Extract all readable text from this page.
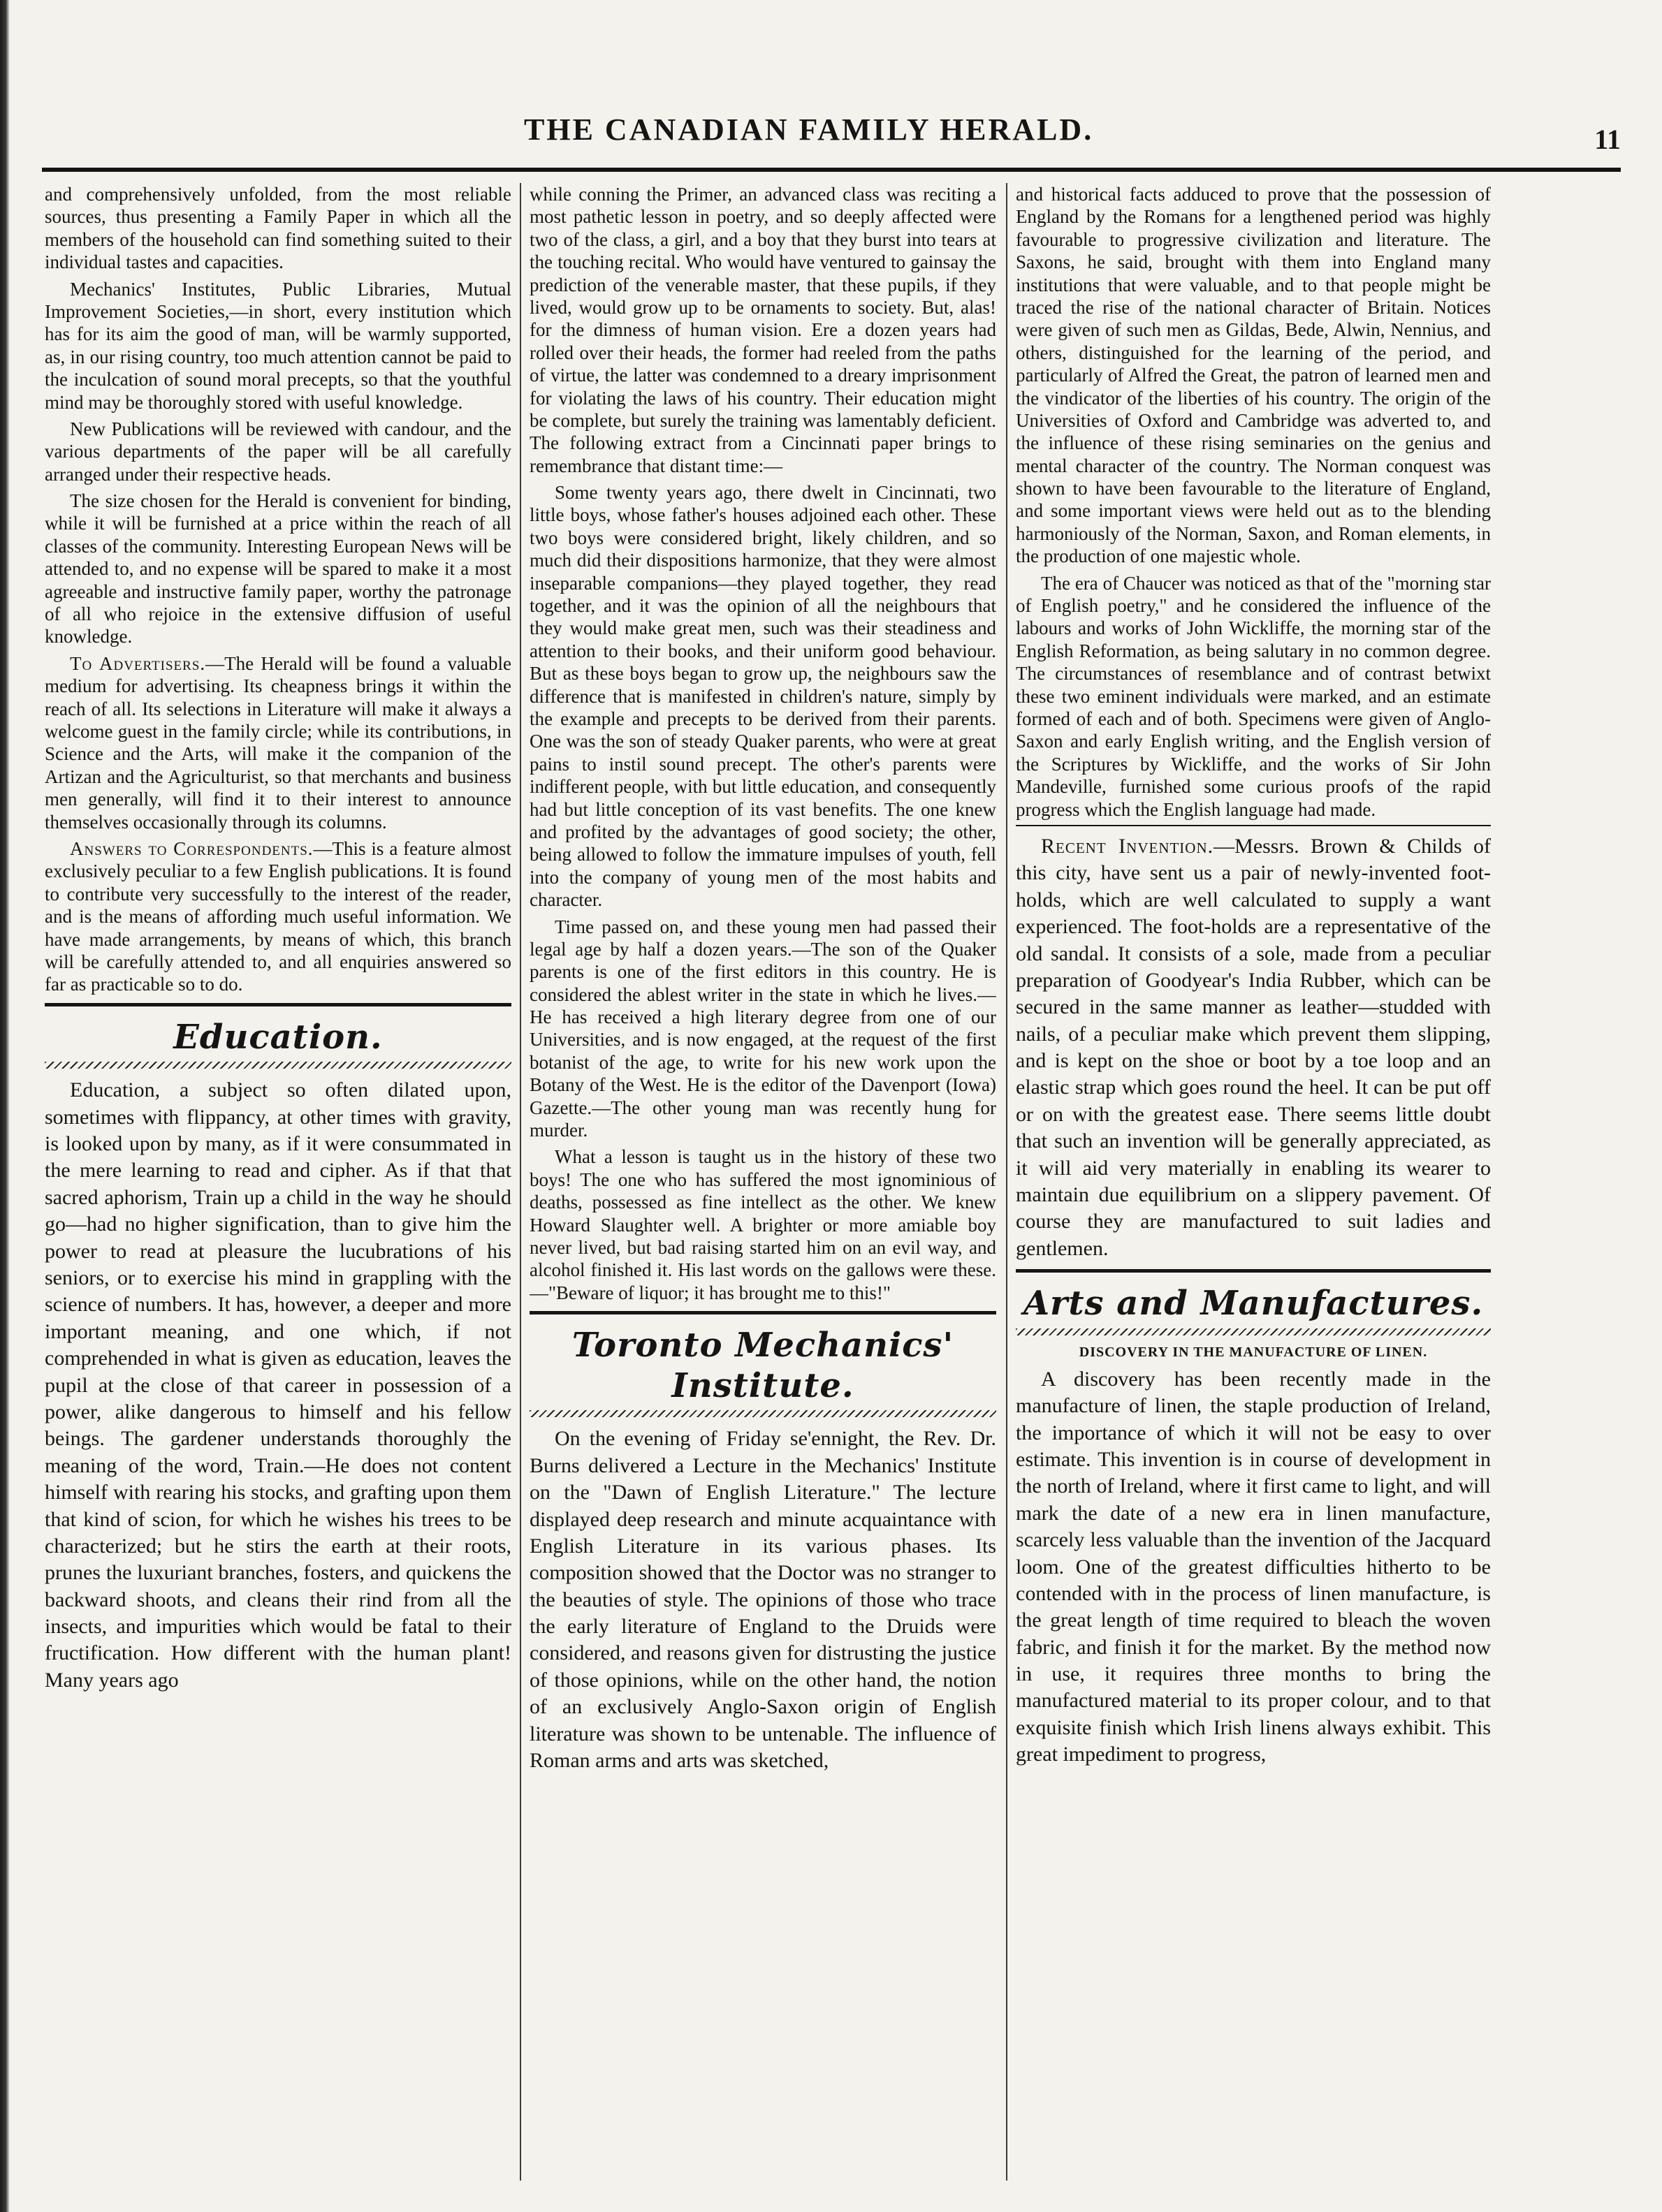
THE CANADIAN FAMILY HERALD.	11

and comprehensively unfolded, from the most reliable sources, thus presenting a Family Paper in which all the members of the household can find something suited to their individual tastes and capacities.

Mechanics' Institutes, Public Libraries, Mutual Improvement Societies,—in short, every institution which has for its aim the good of man, will be warmly supported, as, in our rising country, too much attention cannot be paid to the inculcation of sound moral precepts, so that the youthful mind may be thoroughly stored with useful knowledge.

New Publications will be reviewed with candour, and the various departments of the paper will be all carefully arranged under their respective heads.

The size chosen for the Herald is convenient for binding, while it will be furnished at a price within the reach of all classes of the community. Interesting European News will be attended to, and no expense will be spared to make it a most agreeable and instructive family paper, worthy the patronage of all who rejoice in the extensive diffusion of useful knowledge.

To Advertisers.—The Herald will be found a valuable medium for advertising. Its cheapness brings it within the reach of all. Its selections in Literature will make it always a welcome guest in the family circle; while its contributions, in Science and the Arts, will make it the companion of the Artizan and the Agriculturist, so that merchants and business men generally, will find it to their interest to announce themselves occasionally through its columns.

Answers to Correspondents.—This is a feature almost exclusively peculiar to a few English publications. It is found to contribute very successfully to the interest of the reader, and is the means of affording much useful information. We have made arrangements, by means of which, this branch will be carefully attended to, and all enquiries answered so far as practicable so to do.

Education.

Education, a subject so often dilated upon, sometimes with flippancy, at other times with gravity, is looked upon by many, as if it were consummated in the mere learning to read and cipher. As if that that sacred aphorism, Train up a child in the way he should go—had no higher signification, than to give him the power to read at pleasure the lucubrations of his seniors, or to exercise his mind in grappling with the science of numbers. It has, however, a deeper and more important meaning, and one which, if not comprehended in what is given as education, leaves the pupil at the close of that career in possession of a power, alike dangerous to himself and his fellow beings. The gardener understands thoroughly the meaning of the word, Train.—He does not content himself with rearing his stocks, and grafting upon them that kind of scion, for which he wishes his trees to be characterized; but he stirs the earth at their roots, prunes the luxuriant branches, fosters, and quickens the backward shoots, and cleans their rind from all the insects, and impurities which would be fatal to their fructification. How different with the human plant! Many years ago

while conning the Primer, an advanced class was reciting a most pathetic lesson in poetry, and so deeply affected were two of the class, a girl, and a boy that they burst into tears at the touching recital. Who would have ventured to gainsay the prediction of the venerable master, that these pupils, if they lived, would grow up to be ornaments to society. But, alas! for the dimness of human vision. Ere a dozen years had rolled over their heads, the former had reeled from the paths of virtue, the latter was condemned to a dreary imprisonment for violating the laws of his country. Their education might be complete, but surely the training was lamentably deficient. The following extract from a Cincinnati paper brings to remembrance that distant time:—

Some twenty years ago, there dwelt in Cincinnati, two little boys, whose father's houses adjoined each other. These two boys were considered bright, likely children, and so much did their dispositions harmonize, that they were almost inseparable companions—they played together, they read together, and it was the opinion of all the neighbours that they would make great men, such was their steadiness and attention to their books, and their uniform good behaviour. But as these boys began to grow up, the neighbours saw the difference that is manifested in children's nature, simply by the example and precepts to be derived from their parents. One was the son of steady Quaker parents, who were at great pains to instil sound precept. The other's parents were indifferent people, with but little education, and consequently had but little conception of its vast benefits. The one knew and profited by the advantages of good society; the other, being allowed to follow the immature impulses of youth, fell into the company of young men of the most habits and character.

Time passed on, and these young men had passed their legal age by half a dozen years.—The son of the Quaker parents is one of the first editors in this country. He is considered the ablest writer in the state in which he lives.—He has received a high literary degree from one of our Universities, and is now engaged, at the request of the first botanist of the age, to write for his new work upon the Botany of the West. He is the editor of the Davenport (Iowa) Gazette.—The other young man was recently hung for murder.

What a lesson is taught us in the history of these two boys! The one who has suffered the most ignominious of deaths, possessed as fine intellect as the other. We knew Howard Slaughter well. A brighter or more amiable boy never lived, but bad raising started him on an evil way, and alcohol finished it. His last words on the gallows were these.—"Beware of liquor; it has brought me to this!"

Toronto Mechanics' Institute.

On the evening of Friday se'ennight, the Rev. Dr. Burns delivered a Lecture in the Mechanics' Institute on the "Dawn of English Literature." The lecture displayed deep research and minute acquaintance with English Literature in its various phases. Its composition showed that the Doctor was no stranger to the beauties of style. The opinions of those who trace the early literature of England to the Druids were considered, and reasons given for distrusting the justice of those opinions, while on the other hand, the notion of an exclusively Anglo-Saxon origin of English literature was shown to be untenable. The influence of Roman arms and arts was sketched,

and historical facts adduced to prove that the possession of England by the Romans for a lengthened period was highly favourable to progressive civilization and literature. The Saxons, he said, brought with them into England many institutions that were valuable, and to that people might be traced the rise of the national character of Britain. Notices were given of such men as Gildas, Bede, Alwin, Nennius, and others, distinguished for the learning of the period, and particularly of Alfred the Great, the patron of learned men and the vindicator of the liberties of his country. The origin of the Universities of Oxford and Cambridge was adverted to, and the influence of these rising seminaries on the genius and mental character of the country. The Norman conquest was shown to have been favourable to the literature of England, and some important views were held out as to the blending harmoniously of the Norman, Saxon, and Roman elements, in the production of one majestic whole.

The era of Chaucer was noticed as that of the "morning star of English poetry," and he considered the influence of the labours and works of John Wickliffe, the morning star of the English Reformation, as being salutary in no common degree. The circumstances of resemblance and of contrast betwixt these two eminent individuals were marked, and an estimate formed of each and of both. Specimens were given of Anglo-Saxon and early English writing, and the English version of the Scriptures by Wickliffe, and the works of Sir John Mandeville, furnished some curious proofs of the rapid progress which the English language had made.

Recent Invention.—Messrs. Brown & Childs of this city, have sent us a pair of newly-invented foot-holds, which are well calculated to supply a want experienced. The foot-holds are a representative of the old sandal. It consists of a sole, made from a peculiar preparation of Goodyear's India Rubber, which can be secured in the same manner as leather—studded with nails, of a peculiar make which prevent them slipping, and is kept on the shoe or boot by a toe loop and an elastic strap which goes round the heel. It can be put off or on with the greatest ease. There seems little doubt that such an invention will be generally appreciated, as it will aid very materially in enabling its wearer to maintain due equilibrium on a slippery pavement. Of course they are manufactured to suit ladies and gentlemen.

Arts and Manufactures.
DISCOVERY IN THE MANUFACTURE OF LINEN.

A discovery has been recently made in the manufacture of linen, the staple production of Ireland, the importance of which it will not be easy to over estimate. This invention is in course of development in the north of Ireland, where it first came to light, and will mark the date of a new era in linen manufacture, scarcely less valuable than the invention of the Jacquard loom. One of the greatest difficulties hitherto to be contended with in the process of linen manufacture, is the great length of time required to bleach the woven fabric, and finish it for the market. By the method now in use, it requires three months to bring the manufactured material to its proper colour, and to that exquisite finish which Irish linens always exhibit. This great impediment to progress,
